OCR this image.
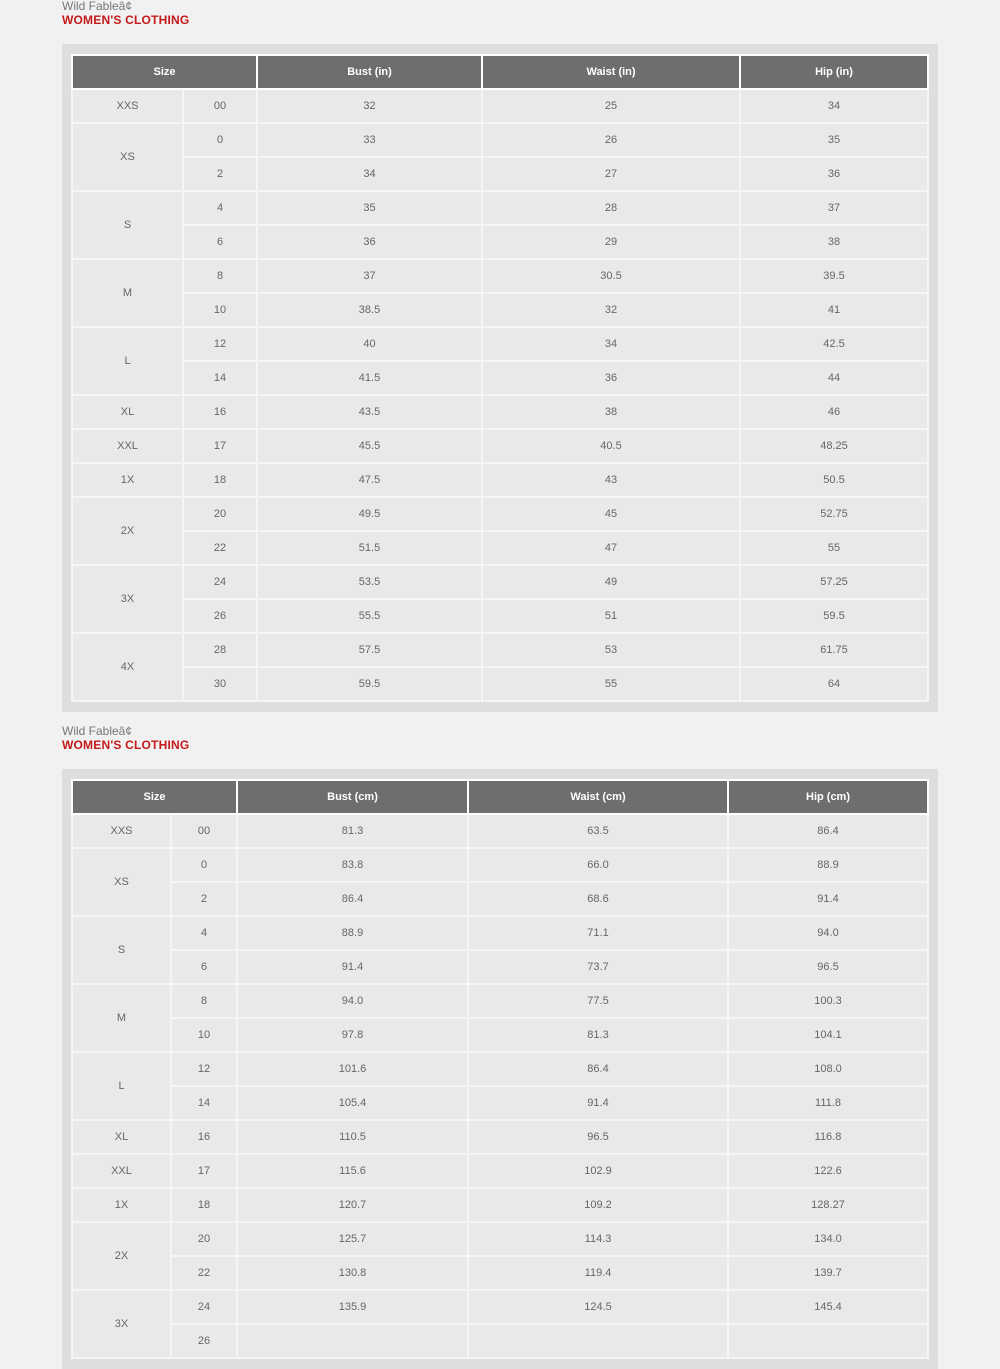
Wild Fableâ¢
WOMEN'S CLOTHING
Size		Bust (in)	Waist (in)	Hip (in)
XXS	00	32	25	34
XS	0	33	26	35
	2	34	27	36
S	4	35	28	37
	6	36	29	38
M	8	37	30.5	39.5
	10	38.5	32	41
L	12	40	34	42.5
	14	41.5	36	44
XL	16	43.5	38	46
XXL	17	45.5	40.5	48.25
1X	18	47.5	43	50.5
2X	20	49.5	45	52.75
	22	51.5	47	55
3X	24	53.5	49	57.25
	26	55.5	51	59.5
4X	28	57.5	53	61.75
	30	59.5	55	64
Wild Fableâ¢
WOMEN'S CLOTHING
Size		Bust (cm)	Waist (cm)	Hip (cm)
XXS	00	81.3	63.5	86.4
XS	0	83.8	66.0	88.9
	2	86.4	68.6	91.4
S	4	88.9	71.1	94.0
	6	91.4	73.7	96.5
M	8	94.0	77.5	100.3
	10	97.8	81.3	104.1
L	12	101.6	86.4	108.0
	14	105.4	91.4	111.8
XL	16	110.5	96.5	116.8
XXL	17	115.6	102.9	122.6
1X	18	120.7	109.2	128.27
2X	20	125.7	114.3	134.0
	22	130.8	119.4	139.7
3X	24	135.9	124.5	145.4
	26			
